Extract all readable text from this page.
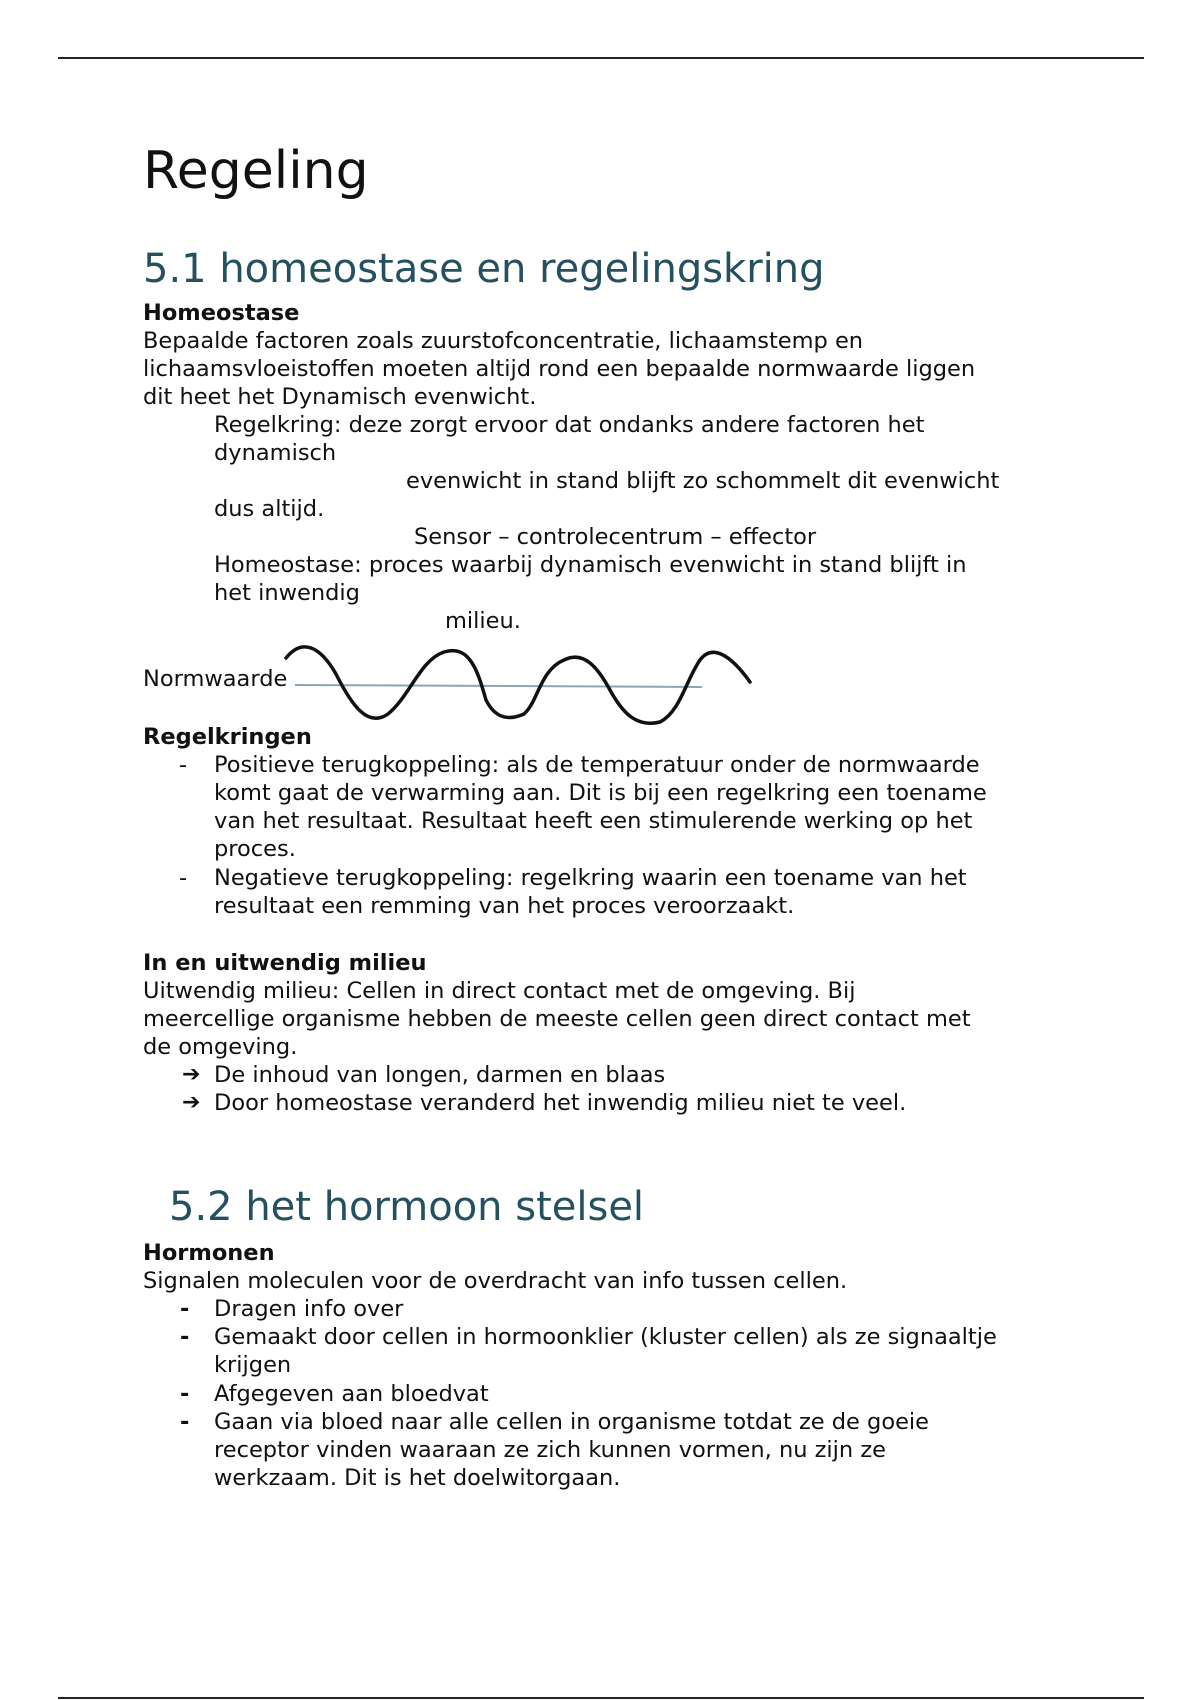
Regeling
5.1 homeostase en regelingskring
Homeostase
Bepaalde factoren zoals zuurstofconcentratie, lichaamstemp en
lichaamsvloeistoffen moeten altijd rond een bepaalde normwaarde liggen
dit heet het Dynamisch evenwicht.
Regelkring: deze zorgt ervoor dat ondanks andere factoren het
dynamisch
evenwicht in stand blijft zo schommelt dit evenwicht
dus altijd.
Sensor – controlecentrum – effector
Homeostase: proces waarbij dynamisch evenwicht in stand blijft in
het inwendig
milieu.
Normwaarde
Regelkringen
Positieve terugkoppeling: als de temperatuur onder de normwaarde
-
komt gaat de verwarming aan. Dit is bij een regelkring een toename
van het resultaat. Resultaat heeft een stimulerende werking op het
proces.
-	Negatieve terugkoppeling: regelkring waarin een toename van het
resultaat een remming van het proces veroorzaakt.
In en uitwendig milieu
Uitwendig milieu: Cellen in direct contact met de omgeving. Bij
meercellige organisme hebben de meeste cellen geen direct contact met
de omgeving.
➔ De inhoud van longen, darmen en blaas
➔ Door homeostase veranderd het inwendig milieu niet te veel.
5.2 het hormoon stelsel
Hormonen
Signalen moleculen voor de overdracht van info tussen cellen.
- Dragen info over
- Gemaakt door cellen in hormoonklier (kluster cellen) als ze signaaltje
krijgen
- Afgegeven aan bloedvat
- Gaan via bloed naar alle cellen in organisme totdat ze de goeie
receptor vinden waaraan ze zich kunnen vormen, nu zijn ze
werkzaam. Dit is het doelwitorgaan.
